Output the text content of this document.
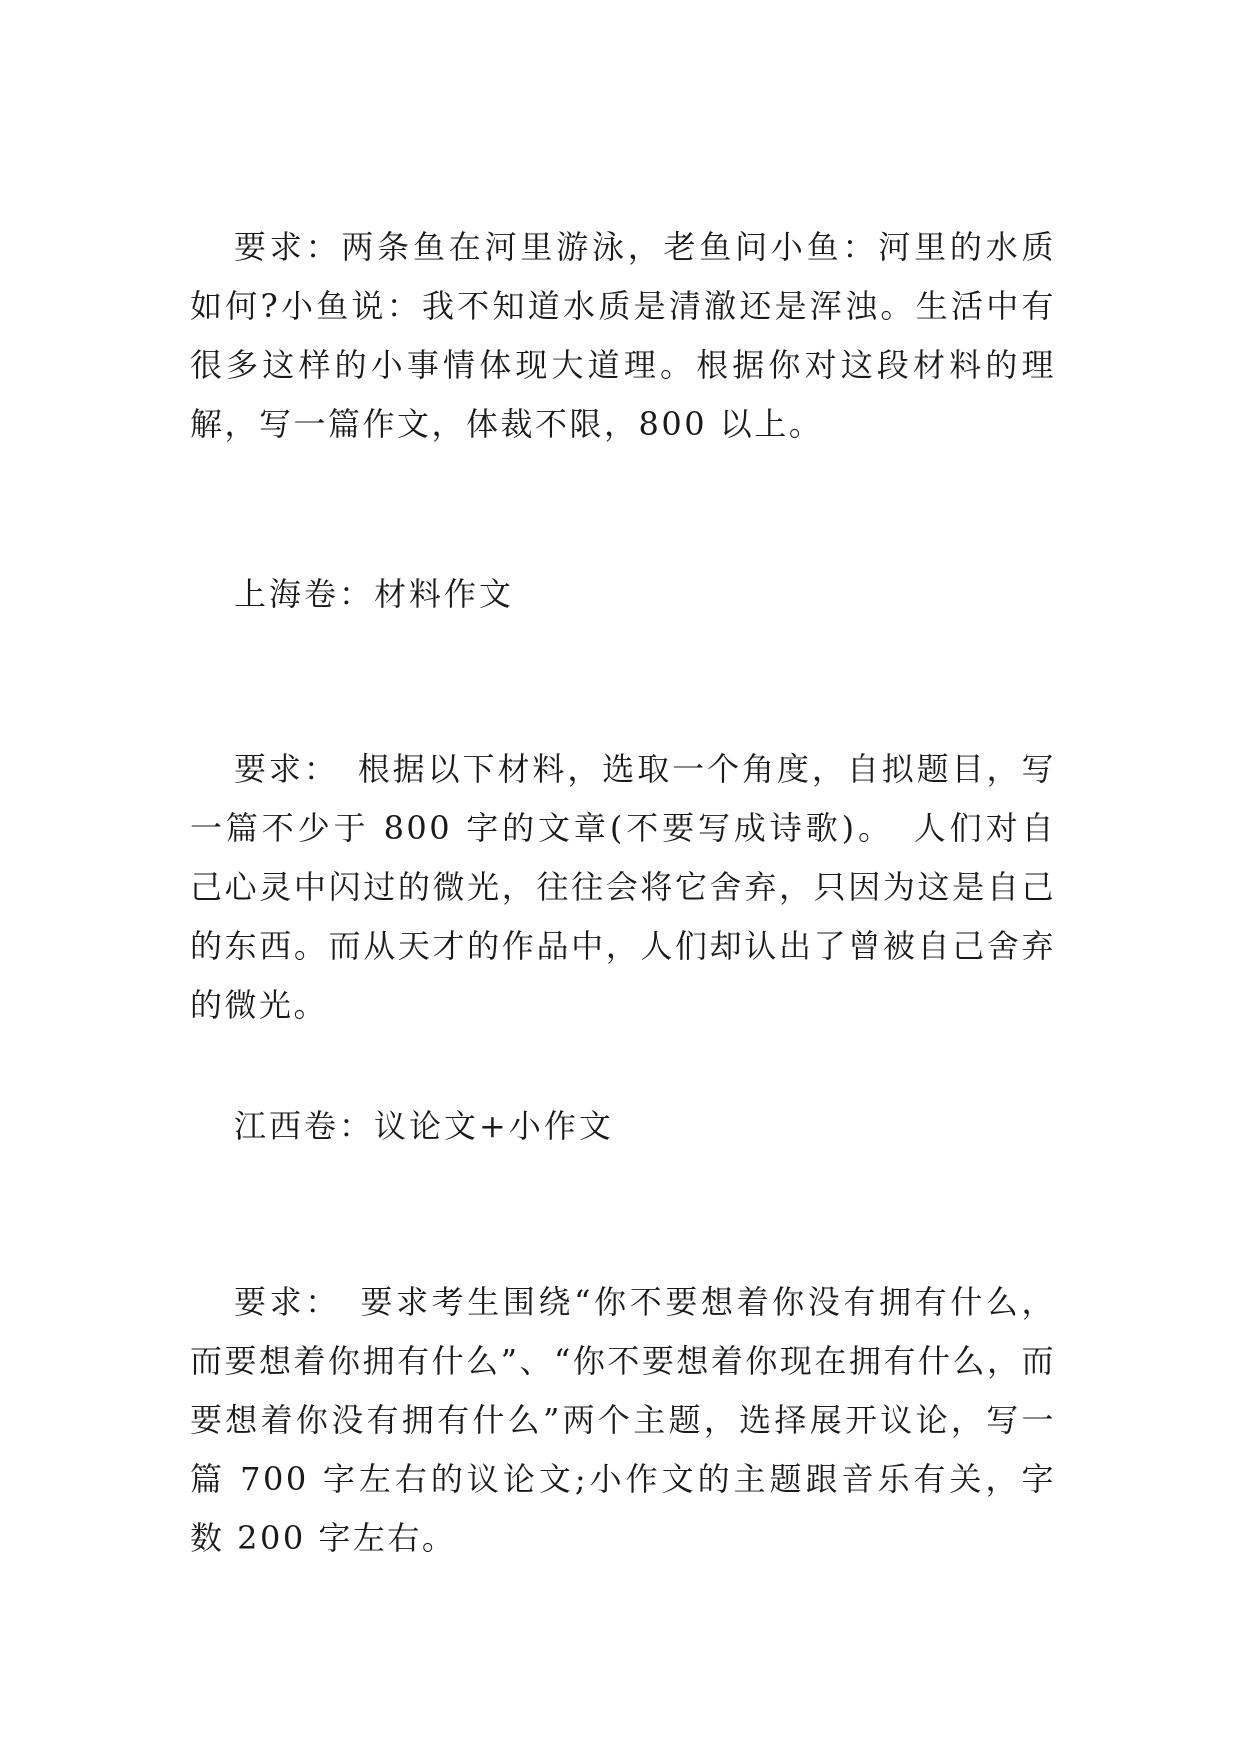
要求：两条鱼在河里游泳，老鱼问小鱼：河里的水质如何?小鱼说：我不知道水质是清澈还是浑浊。生活中有很多这样的小事情体现大道理。根据你对这段材料的理解，写一篇作文，体裁不限，800 以上。

上海卷：材料作文

要求：　根据以下材料，选取一个角度，自拟题目，写一篇不少于 800 字的文章(不要写成诗歌)。　人们对自己心灵中闪过的微光，往往会将它舍弃，只因为这是自己的东西。而从天才的作品中，人们却认出了曾被自己舍弃的微光。

江西卷：议论文+小作文

要求：　要求考生围绕“你不要想着你没有拥有什么，而要想着你拥有什么”、“你不要想着你现在拥有什么，而要想着你没有拥有什么”两个主题，选择展开议论，写一篇 700 字左右的议论文;小作文的主题跟音乐有关，字数 200 字左右。
